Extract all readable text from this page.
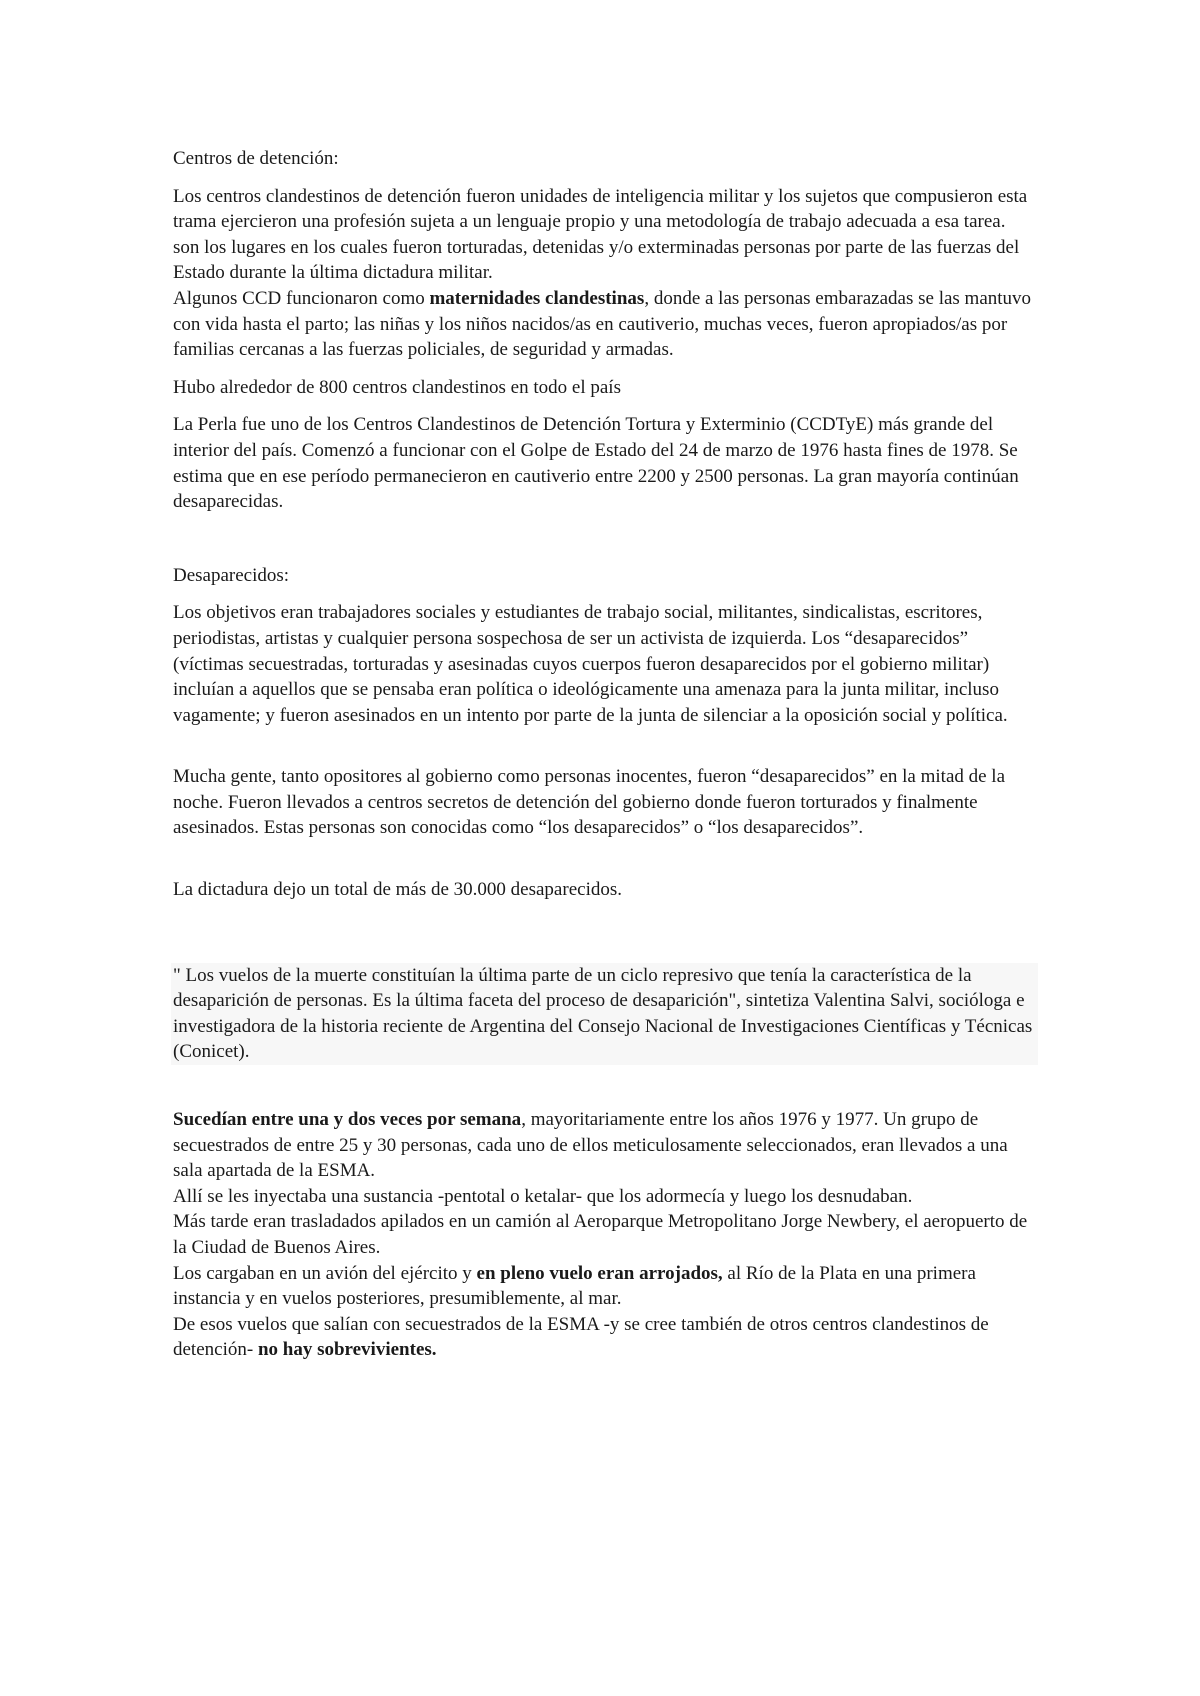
Centros de detención:

Los centros clandestinos de detención fueron unidades de inteligencia militar y los sujetos que compusieron esta trama ejercieron una profesión sujeta a un lenguaje propio y una metodología de trabajo adecuada a esa tarea.

son los lugares en los cuales fueron torturadas, detenidas y/o exterminadas personas por parte de las fuerzas del Estado durante la última dictadura militar.

Algunos CCD funcionaron como maternidades clandestinas, donde a las personas embarazadas se las mantuvo con vida hasta el parto; las niñas y los niños nacidos/as en cautiverio, muchas veces, fueron apropiados/as por familias cercanas a las fuerzas policiales, de seguridad y armadas.

Hubo alrededor de 800 centros clandestinos en todo el país

La Perla fue uno de los Centros Clandestinos de Detención Tortura y Exterminio (CCDTyE) más grande del interior del país. Comenzó a funcionar con el Golpe de Estado del 24 de marzo de 1976 hasta fines de 1978. Se estima que en ese período permanecieron en cautiverio entre 2200 y 2500 personas. La gran mayoría continúan desaparecidas.

Desaparecidos:

Los objetivos eran trabajadores sociales y estudiantes de trabajo social, militantes, sindicalistas, escritores, periodistas, artistas y cualquier persona sospechosa de ser un activista de izquierda. Los “desaparecidos” (víctimas secuestradas, torturadas y asesinadas cuyos cuerpos fueron desaparecidos por el gobierno militar) incluían a aquellos que se pensaba eran política o ideológicamente una amenaza para la junta militar, incluso vagamente; y fueron asesinados en un intento por parte de la junta de silenciar a la oposición social y política.

Mucha gente, tanto opositores al gobierno como personas inocentes, fueron “desaparecidos” en la mitad de la noche. Fueron llevados a centros secretos de detención del gobierno donde fueron torturados y finalmente asesinados. Estas personas son conocidas como “los desaparecidos” o “los desaparecidos”.

La dictadura dejo un total de más de 30.000 desaparecidos.

" Los vuelos de la muerte constituían la última parte de un ciclo represivo que tenía la característica de la desaparición de personas. Es la última faceta del proceso de desaparición", sintetiza Valentina Salvi, socióloga e investigadora de la historia reciente de Argentina del Consejo Nacional de Investigaciones Científicas y Técnicas (Conicet).

Sucedían entre una y dos veces por semana, mayoritariamente entre los años 1976 y 1977. Un grupo de secuestrados de entre 25 y 30 personas, cada uno de ellos meticulosamente seleccionados, eran llevados a una sala apartada de la ESMA.

Allí se les inyectaba una sustancia -pentotal o ketalar- que los adormecía y luego los desnudaban.

Más tarde eran trasladados apilados en un camión al Aeroparque Metropolitano Jorge Newbery, el aeropuerto de la Ciudad de Buenos Aires.

Los cargaban en un avión del ejército y en pleno vuelo eran arrojados, al Río de la Plata en una primera instancia y en vuelos posteriores, presumiblemente, al mar.

De esos vuelos que salían con secuestrados de la ESMA -y se cree también de otros centros clandestinos de detención- no hay sobrevivientes.
